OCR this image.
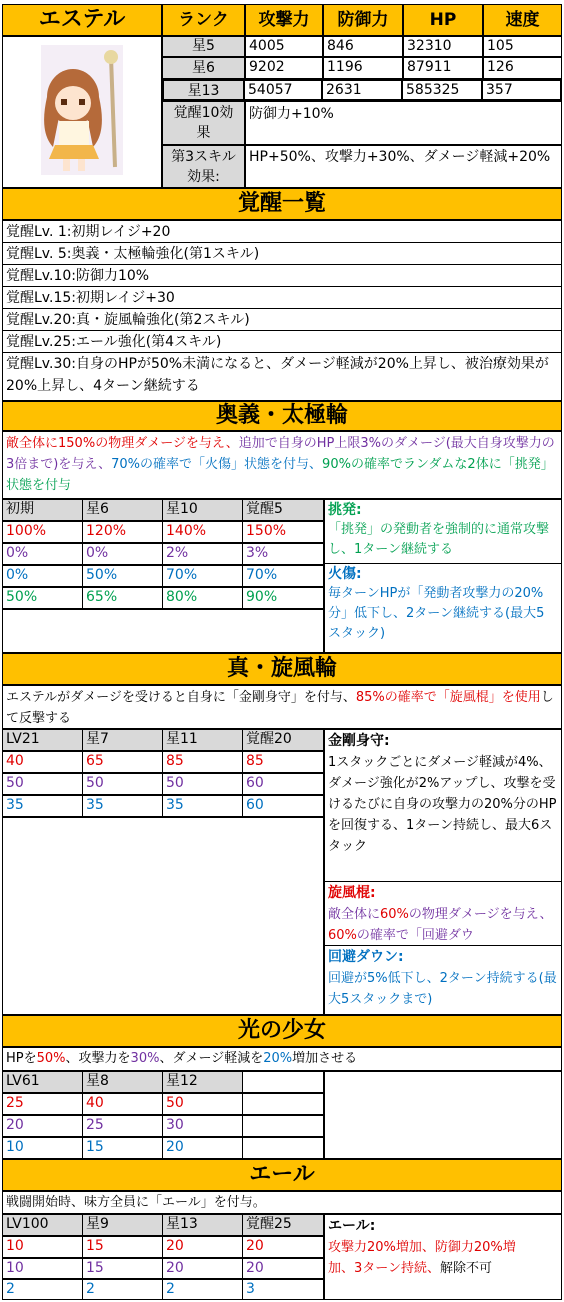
エステル	ランク	攻撃力	防御力	HP	速度
星5	4005	846	32310	105
星6	9202	1196	87911	126
星13	54057	2631	585325	357
覚醒10効果
防御力+10%
第3スキル効果:
HP+50%、攻撃力+30%、ダメージ軽減+20%
覚醒一覧
覚醒Lv. 1:初期レイジ+20
覚醒Lv. 5:奥義・太極輪強化(第1スキル)
覚醒Lv.10:防御力10%
覚醒Lv.15:初期レイジ+30
覚醒Lv.20:真・旋風輪強化(第2スキル)
覚醒Lv.25:エール強化(第4スキル)
覚醒Lv.30:自身のHPが50%未満になると、ダメージ軽減が20%上昇し、被治療効果が20%上昇し、4ターン継続する
奥義・太極輪
敵全体に150%の物理ダメージを与え、追加で自身のHP上限3%のダメージ(最大自身攻撃力の3倍まで)を与え、70%の確率で「火傷」状態を付与、90%の確率でランダムな2体に「挑発」状態を付与
初期	星6	星10	覚醒5
100%	120%	140%	150%
0%	0%	2%	3%
0%	50%	70%	70%
50%	65%	80%	90%
挑発:
「挑発」の発動者を強制的に通常攻撃し、1ターン継続する
火傷:
毎ターンHPが「発動者攻撃力の20%分」低下し、2ターン継続する(最大5スタック)
真・旋風輪
エステルがダメージを受けると自身に「金剛身守」を付与、85%の確率で「旋風棍」を使用して反撃する
LV21	星7	星11	覚醒20
40	65	85	85
50	50	50	60
35	35	35	60
金剛身守:
1スタックごとにダメージ軽減が4%、ダメージ強化が2%アップし、攻撃を受けるたびに自身の攻撃力の20%分のHPを回復する、1ターン持続し、最大6スタック
旋風棍:
敵全体に60%の物理ダメージを与え、60%の確率で「回避ダウ
回避ダウン:
回避が5%低下し、2ターン持続する(最大5スタックまで)
光の少女
HPを50%、攻撃力を30%、ダメージ軽減を20%増加させる
LV61	星8	星12
25	40	50
20	25	30
10	15	20
エール
戦闘開始時、味方全員に「エール」を付与。
LV100	星9	星13	覚醒25
10	15	20	20
10	15	20	20
2	2	2	3
エール:
攻撃力20%増加、防御力20%増
加、3ターン持続、解除不可
